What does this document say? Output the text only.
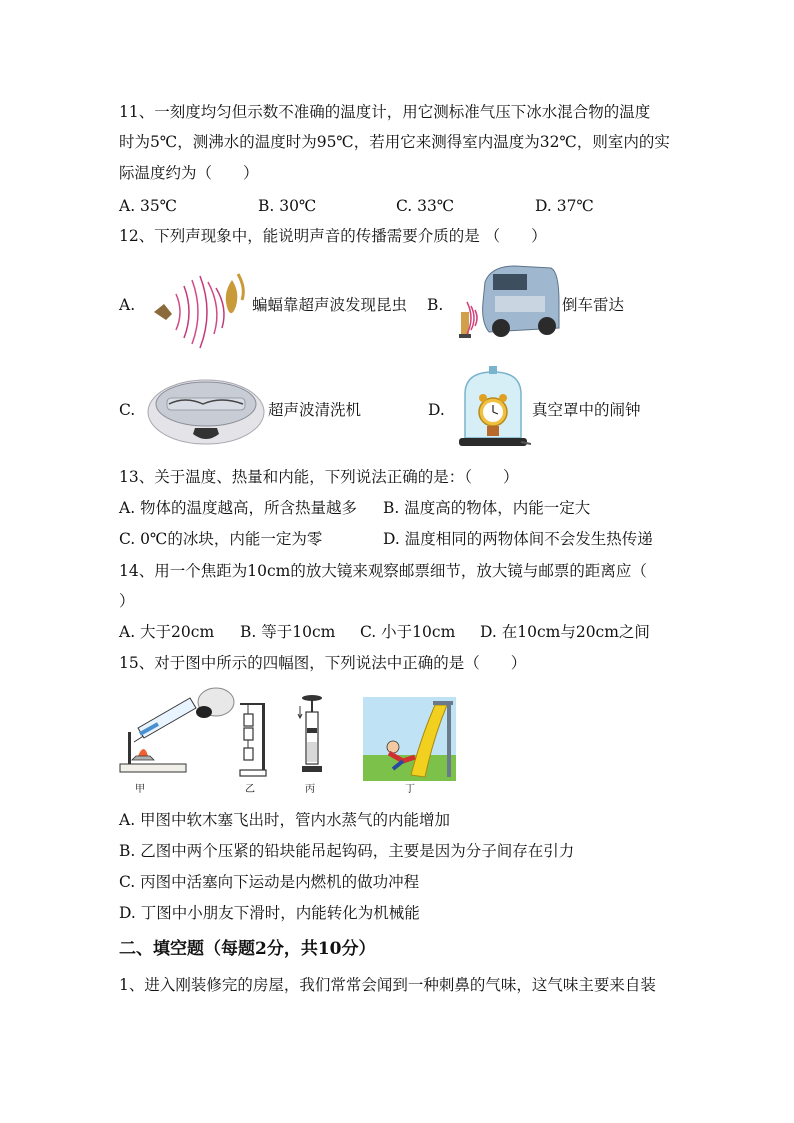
11、一刻度均匀但示数不准确的温度计，用它测标准气压下冰水混合物的温度
时为5℃，测沸水的温度时为95℃，若用它来测得室内温度为32℃，则室内的实
际温度约为（　　）
A. 35℃	B. 30℃	C. 33℃	D. 37℃
12、下列声现象中，能说明声音的传播需要介质的是 （　　）
A.	蝙蝠靠超声波发现昆虫 B.	倒车雷达
C.	超声波清洗机	D.	真空罩中的闹钟
13、关于温度、热量和内能，下列说法正确的是：（　　）
A. 物体的温度越高，所含热量越多 B. 温度高的物体，内能一定大
C. 0℃的冰块，内能一定为零	D. 温度相同的两物体间不会发生热传递
14、用一个焦距为10cm的放大镜来观察邮票细节，放大镜与邮票的距离应（
）
A. 大于20cm B. 等于10cm C. 小于10cm D. 在10cm与20cm之间
15、对于图中所示的四幅图，下列说法中正确的是（　　）
甲	乙	丙	丁
A. 甲图中软木塞飞出时，管内水蒸气的内能增加
B. 乙图中两个压紧的铅块能吊起钩码，主要是因为分子间存在引力
C. 丙图中活塞向下运动是内燃机的做功冲程
D. 丁图中小朋友下滑时，内能转化为机械能
二、填空题（每题2分，共10分）
1、进入刚装修完的房屋，我们常常会闻到一种刺鼻的气味，这气味主要来自装
